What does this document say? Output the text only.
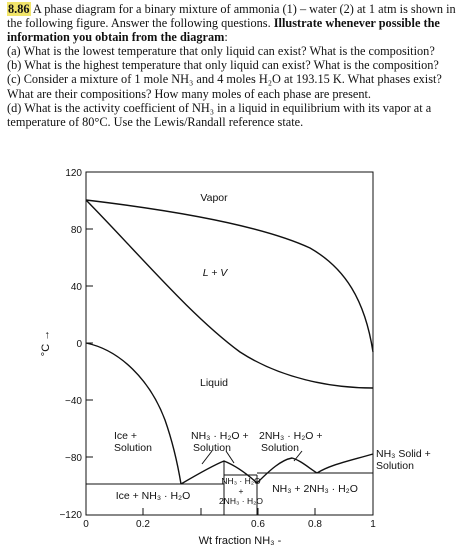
8.86 A phase diagram for a binary mixture of ammonia (1) – water (2) at 1 atm is shown in the following figure. Answer the following questions. Illustrate whenever possible the information you obtain from the diagram:

(a) What is the lowest temperature that only liquid can exist? What is the composition?

(b) What is the highest temperature that only liquid can exist? What is the composition?

(c) Consider a mixture of 1 mole NH₃ and 4 moles H₂O at 193.15 K. What phases exist? What are their compositions? How many moles of each phase are present.

(d) What is the activity coefficient of NH₃ in a liquid in equilibrium with its vapor at a temperature of 80°C. Use the Lewis/Randall reference state.

120
80
40
0
−40
−80
−120
0	0.2	0.6	0.8	1
°C →
Wt fraction NH₃ -
Vapor
L + V
Liquid
Ice +
Solution
NH₃ · H₂O +
Solution
2NH₃ · H₂O +
Solution	NH₃ Solid +
Solution
Ice + NH₃ · H₂O
NH₃ · H₂O
+
2NH₃ · H₂O
NH₃ + 2NH₃ · H₂O
